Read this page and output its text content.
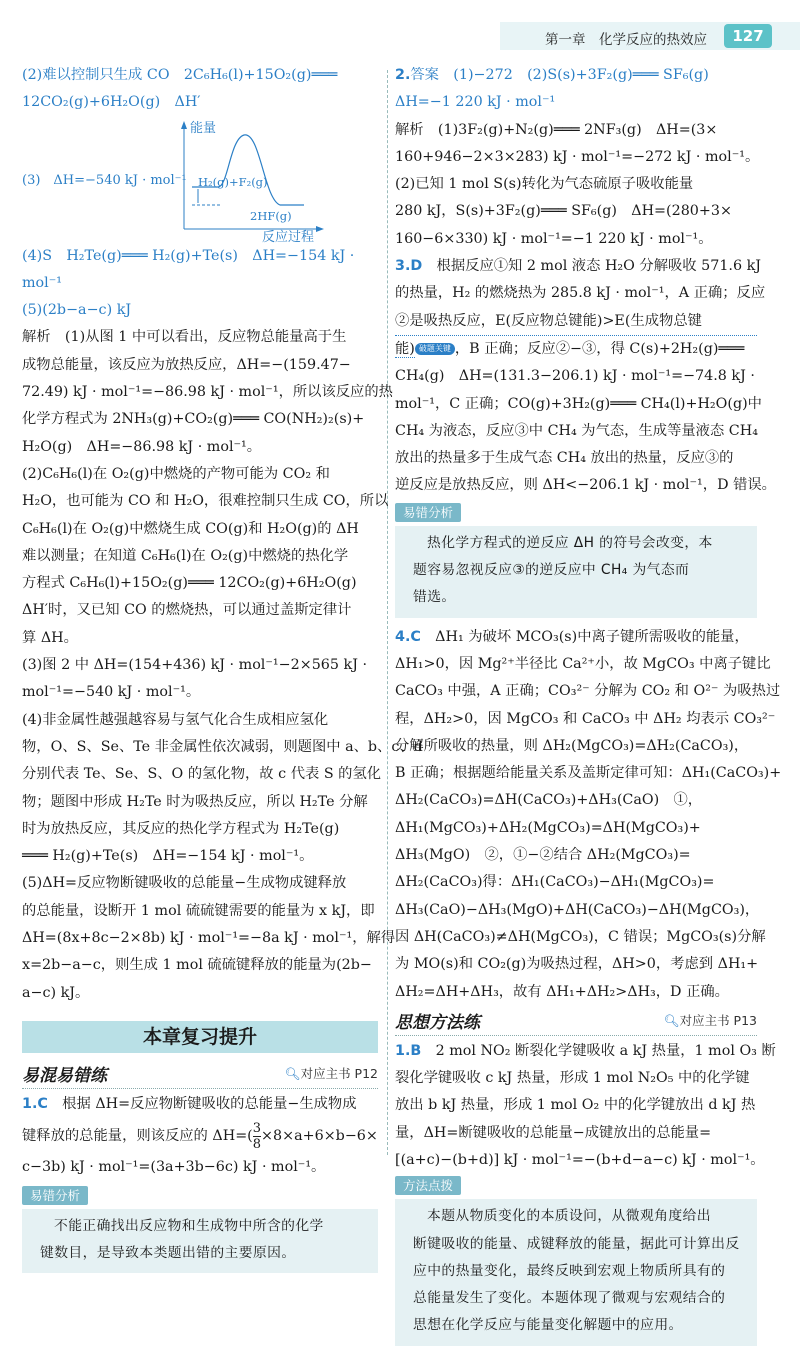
第一章　化学反应的热效应	127
(2)难以控制只生成 CO　2C₆H₆(l)+15O₂(g)═══
12CO₂(g)+6H₂O(g)　ΔH′
能量
(3)　ΔH=−540 kJ · mol⁻¹ H₂(g)+F₂(g)
2HF(g)
反应过程
(4)S　H₂Te(g)═══ H₂(g)+Te(s)　ΔH=−154 kJ ·
mol⁻¹
(5)(2b−a−c) kJ
解析　(1)从图 1 中可以看出，反应物总能量高于生
成物总能量，该反应为放热反应，ΔH=−(159.47−
72.49) kJ · mol⁻¹=−86.98 kJ · mol⁻¹，所以该反应的热
化学方程式为 2NH₃(g)+CO₂(g)═══ CO(NH₂)₂(s)+
H₂O(g)　ΔH=−86.98 kJ · mol⁻¹。
(2)C₆H₆(l)在 O₂(g)中燃烧的产物可能为 CO₂ 和
H₂O，也可能为 CO 和 H₂O，很难控制只生成 CO，所以
C₆H₆(l)在 O₂(g)中燃烧生成 CO(g)和 H₂O(g)的 ΔH
难以测量；在知道 C₆H₆(l)在 O₂(g)中燃烧的热化学
方程式 C₆H₆(l)+15O₂(g)═══ 12CO₂(g)+6H₂O(g)
ΔH′时，又已知 CO 的燃烧热，可以通过盖斯定律计
算 ΔH。
(3)图 2 中 ΔH=(154+436) kJ · mol⁻¹−2×565 kJ ·
mol⁻¹=−540 kJ · mol⁻¹。
(4)非金属性越强越容易与氢气化合生成相应氢化
物，O、S、Se、Te 非金属性依次减弱，则题图中 a、b、c、d
分别代表 Te、Se、S、O 的氢化物，故 c 代表 S 的氢化
物；题图中形成 H₂Te 时为吸热反应，所以 H₂Te 分解
时为放热反应，其反应的热化学方程式为 H₂Te(g)
═══ H₂(g)+Te(s)　ΔH=−154 kJ · mol⁻¹。
(5)ΔH=反应物断键吸收的总能量−生成物成键释放
的总能量，设断开 1 mol 硫硫键需要的能量为 x kJ，即
ΔH=(8x+8c−2×8b) kJ · mol⁻¹=−8a kJ · mol⁻¹，解得
x=2b−a−c，则生成 1 mol 硫硫键释放的能量为(2b−
a−c) kJ。
本章复习提升
易混易错练	🔍︎对应主书 P12
1.C　根据 ΔH=反应物断键吸收的总能量−生成物成
键释放的总能量，则该反应的 $\Delta H=( \frac{3}{8} \times 8\times a+6\times b-6\times$
c−3b) kJ · mol⁻¹=(3a+3b−6c) kJ · mol⁻¹。
易错分析
不能正确找出反应物和生成物中所含的化学
键数目，是导致本类题出错的主要原因。
2.答案　(1)−272　(2)S(s)+3F₂(g)═══ SF₆(g)
ΔH=−1 220 kJ · mol⁻¹
解析　(1)3F₂(g)+N₂(g)═══ 2NF₃(g)　ΔH=(3×
160+946−2×3×283) kJ · mol⁻¹=−272 kJ · mol⁻¹。
(2)已知 1 mol S(s)转化为气态硫原子吸收能量
280 kJ，S(s)+3F₂(g)═══ SF₆(g)　ΔH=(280+3×
160−6×330) kJ · mol⁻¹=−1 220 kJ · mol⁻¹。
3.D　根据反应①知 2 mol 液态 H₂O 分解吸收 571.6 kJ
的热量，H₂ 的燃烧热为 285.8 kJ · mol⁻¹，A 正确；反应
②是吸热反应，E(反应物总键能)>E(生成物总键
能) 破题关键 ，B 正确；反应②−③，得 C(s)+2H₂(g)═══
CH₄(g)　ΔH=(131.3−206.1) kJ · mol⁻¹=−74.8 kJ ·
mol⁻¹，C 正确；CO(g)+3H₂(g)═══ CH₄(l)+H₂O(g)中
CH₄ 为液态，反应③中 CH₄ 为气态，生成等量液态 CH₄
放出的热量多于生成气态 CH₄ 放出的热量，反应③的
逆反应是放热反应，则 ΔH<−206.1 kJ · mol⁻¹，D 错误。
易错分析
热化学方程式的逆反应 ΔH 的符号会改变，本
题容易忽视反应③的逆反应中 CH₄ 为气态而
错选。
4.C　ΔH₁ 为破坏 MCO₃(s)中离子键所需吸收的能量，
ΔH₁>0，因 Mg²⁺半径比 Ca²⁺小，故 MgCO₃ 中离子键比
CaCO₃ 中强，A 正确；CO₃²⁻ 分解为 CO₂ 和 O²⁻ 为吸热过
程，ΔH₂>0，因 MgCO₃ 和 CaCO₃ 中 ΔH₂ 均表示 CO₃²⁻
分解所吸收的热量，则 ΔH₂(MgCO₃)=ΔH₂(CaCO₃)，
B 正确；根据题给能量关系及盖斯定律可知：ΔH₁(CaCO₃)+
ΔH₂(CaCO₃)=ΔH(CaCO₃)+ΔH₃(CaO)　①，
ΔH₁(MgCO₃)+ΔH₂(MgCO₃)=ΔH(MgCO₃)+
ΔH₃(MgO)　②，①−②结合 ΔH₂(MgCO₃)=
ΔH₂(CaCO₃)得：ΔH₁(CaCO₃)−ΔH₁(MgCO₃)=
ΔH₃(CaO)−ΔH₃(MgO)+ΔH(CaCO₃)−ΔH(MgCO₃)，
因 ΔH(CaCO₃)≠ΔH(MgCO₃)，C 错误；MgCO₃(s)分解
为 MO(s)和 CO₂(g)为吸热过程，ΔH>0，考虑到 ΔH₁+
ΔH₂=ΔH+ΔH₃，故有 ΔH₁+ΔH₂>ΔH₃，D 正确。
思想方法练	🔍︎对应主书 P13
1.B　2 mol NO₂ 断裂化学键吸收 a kJ 热量，1 mol O₃ 断
裂化学键吸收 c kJ 热量，形成 1 mol N₂O₅ 中的化学键
放出 b kJ 热量，形成 1 mol O₂ 中的化学键放出 d kJ 热
量，ΔH=断键吸收的总能量−成键放出的总能量=
[(a+c)−(b+d)] kJ · mol⁻¹=−(b+d−a−c) kJ · mol⁻¹。
方法点拨
本题从物质变化的本质设问，从微观角度给出
断键吸收的能量、成键释放的能量，据此可计算出反
应中的热量变化，最终反映到宏观上物质所具有的
总能量发生了变化。本题体现了微观与宏观结合的
思想在化学反应与能量变化解题中的应用。
